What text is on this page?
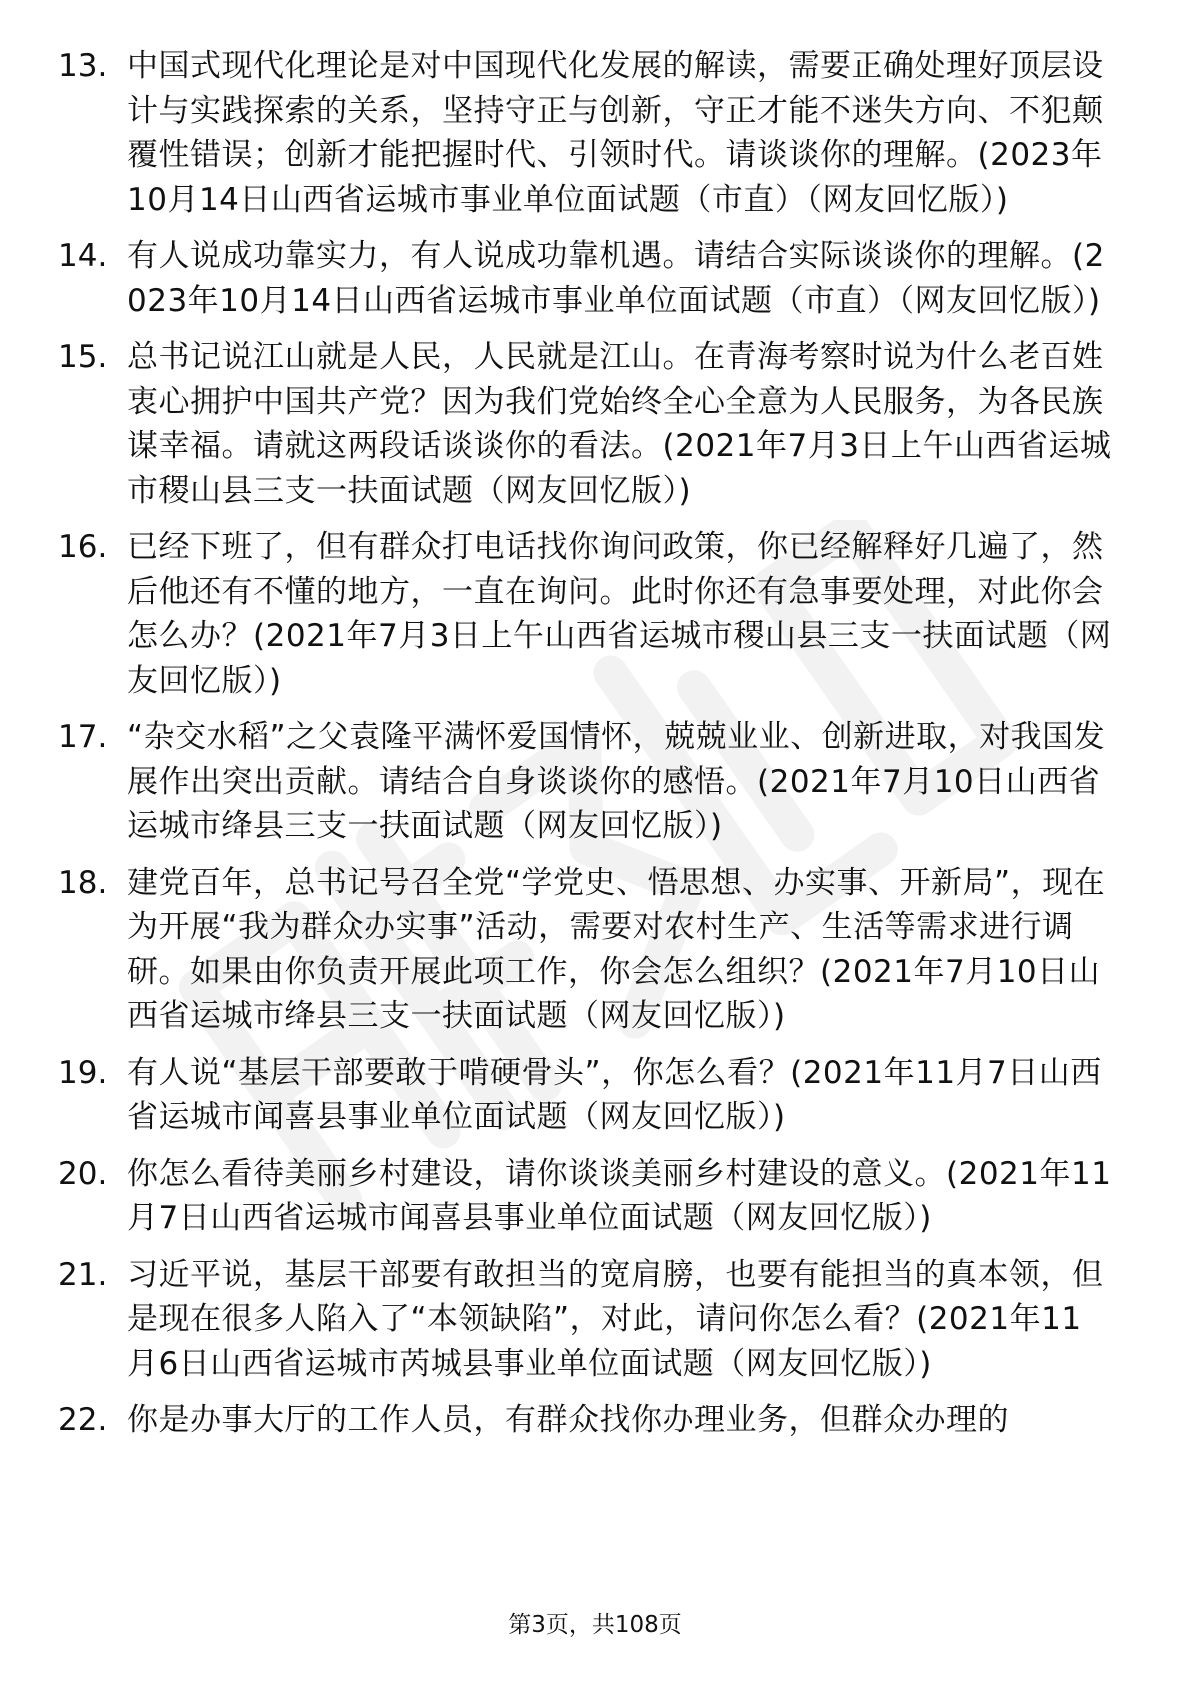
13. 中国式现代化理论是对中国现代化发展的解读，需要正确处理好顶层设计与实践探索的关系，坚持守正与创新，守正才能不迷失方向、不犯颠覆性错误；创新才能把握时代、引领时代。请谈谈你的理解。(2023年10月14日山西省运城市事业单位面试题（市直）（网友回忆版）)
14. 有人说成功靠实力，有人说成功靠机遇。请结合实际谈谈你的理解。(2023年10月14日山西省运城市事业单位面试题（市直）（网友回忆版）)
15. 总书记说江山就是人民，人民就是江山。在青海考察时说为什么老百姓衷心拥护中国共产党？因为我们党始终全心全意为人民服务，为各民族谋幸福。请就这两段话谈谈你的看法。(2021年7月3日上午山西省运城市稷山县三支一扶面试题（网友回忆版）)
16. 已经下班了，但有群众打电话找你询问政策，你已经解释好几遍了，然后他还有不懂的地方，一直在询问。此时你还有急事要处理，对此你会怎么办？(2021年7月3日上午山西省运城市稷山县三支一扶面试题（网友回忆版）)
17. “杂交水稻”之父袁隆平满怀爱国情怀，兢兢业业、创新进取，对我国发展作出突出贡献。请结合自身谈谈你的感悟。(2021年7月10日山西省运城市绛县三支一扶面试题（网友回忆版）)
18. 建党百年，总书记号召全党“学党史、悟思想、办实事、开新局”，现在为开展“我为群众办实事”活动，需要对农村生产、生活等需求进行调研。如果由你负责开展此项工作，你会怎么组织？(2021年7月10日山西省运城市绛县三支一扶面试题（网友回忆版）)
19. 有人说“基层干部要敢于啃硬骨头”，你怎么看？(2021年11月7日山西省运城市闻喜县事业单位面试题（网友回忆版）)
20. 你怎么看待美丽乡村建设，请你谈谈美丽乡村建设的意义。(2021年11月7日山西省运城市闻喜县事业单位面试题（网友回忆版）)
21. 习近平说，基层干部要有敢担当的宽肩膀，也要有能担当的真本领，但是现在很多人陷入了“本领缺陷”，对此，请问你怎么看？(2021年11月6日山西省运城市芮城县事业单位面试题（网友回忆版）)
22. 你是办事大厅的工作人员，有群众找你办理业务，但群众办理的
第3页，共108页
